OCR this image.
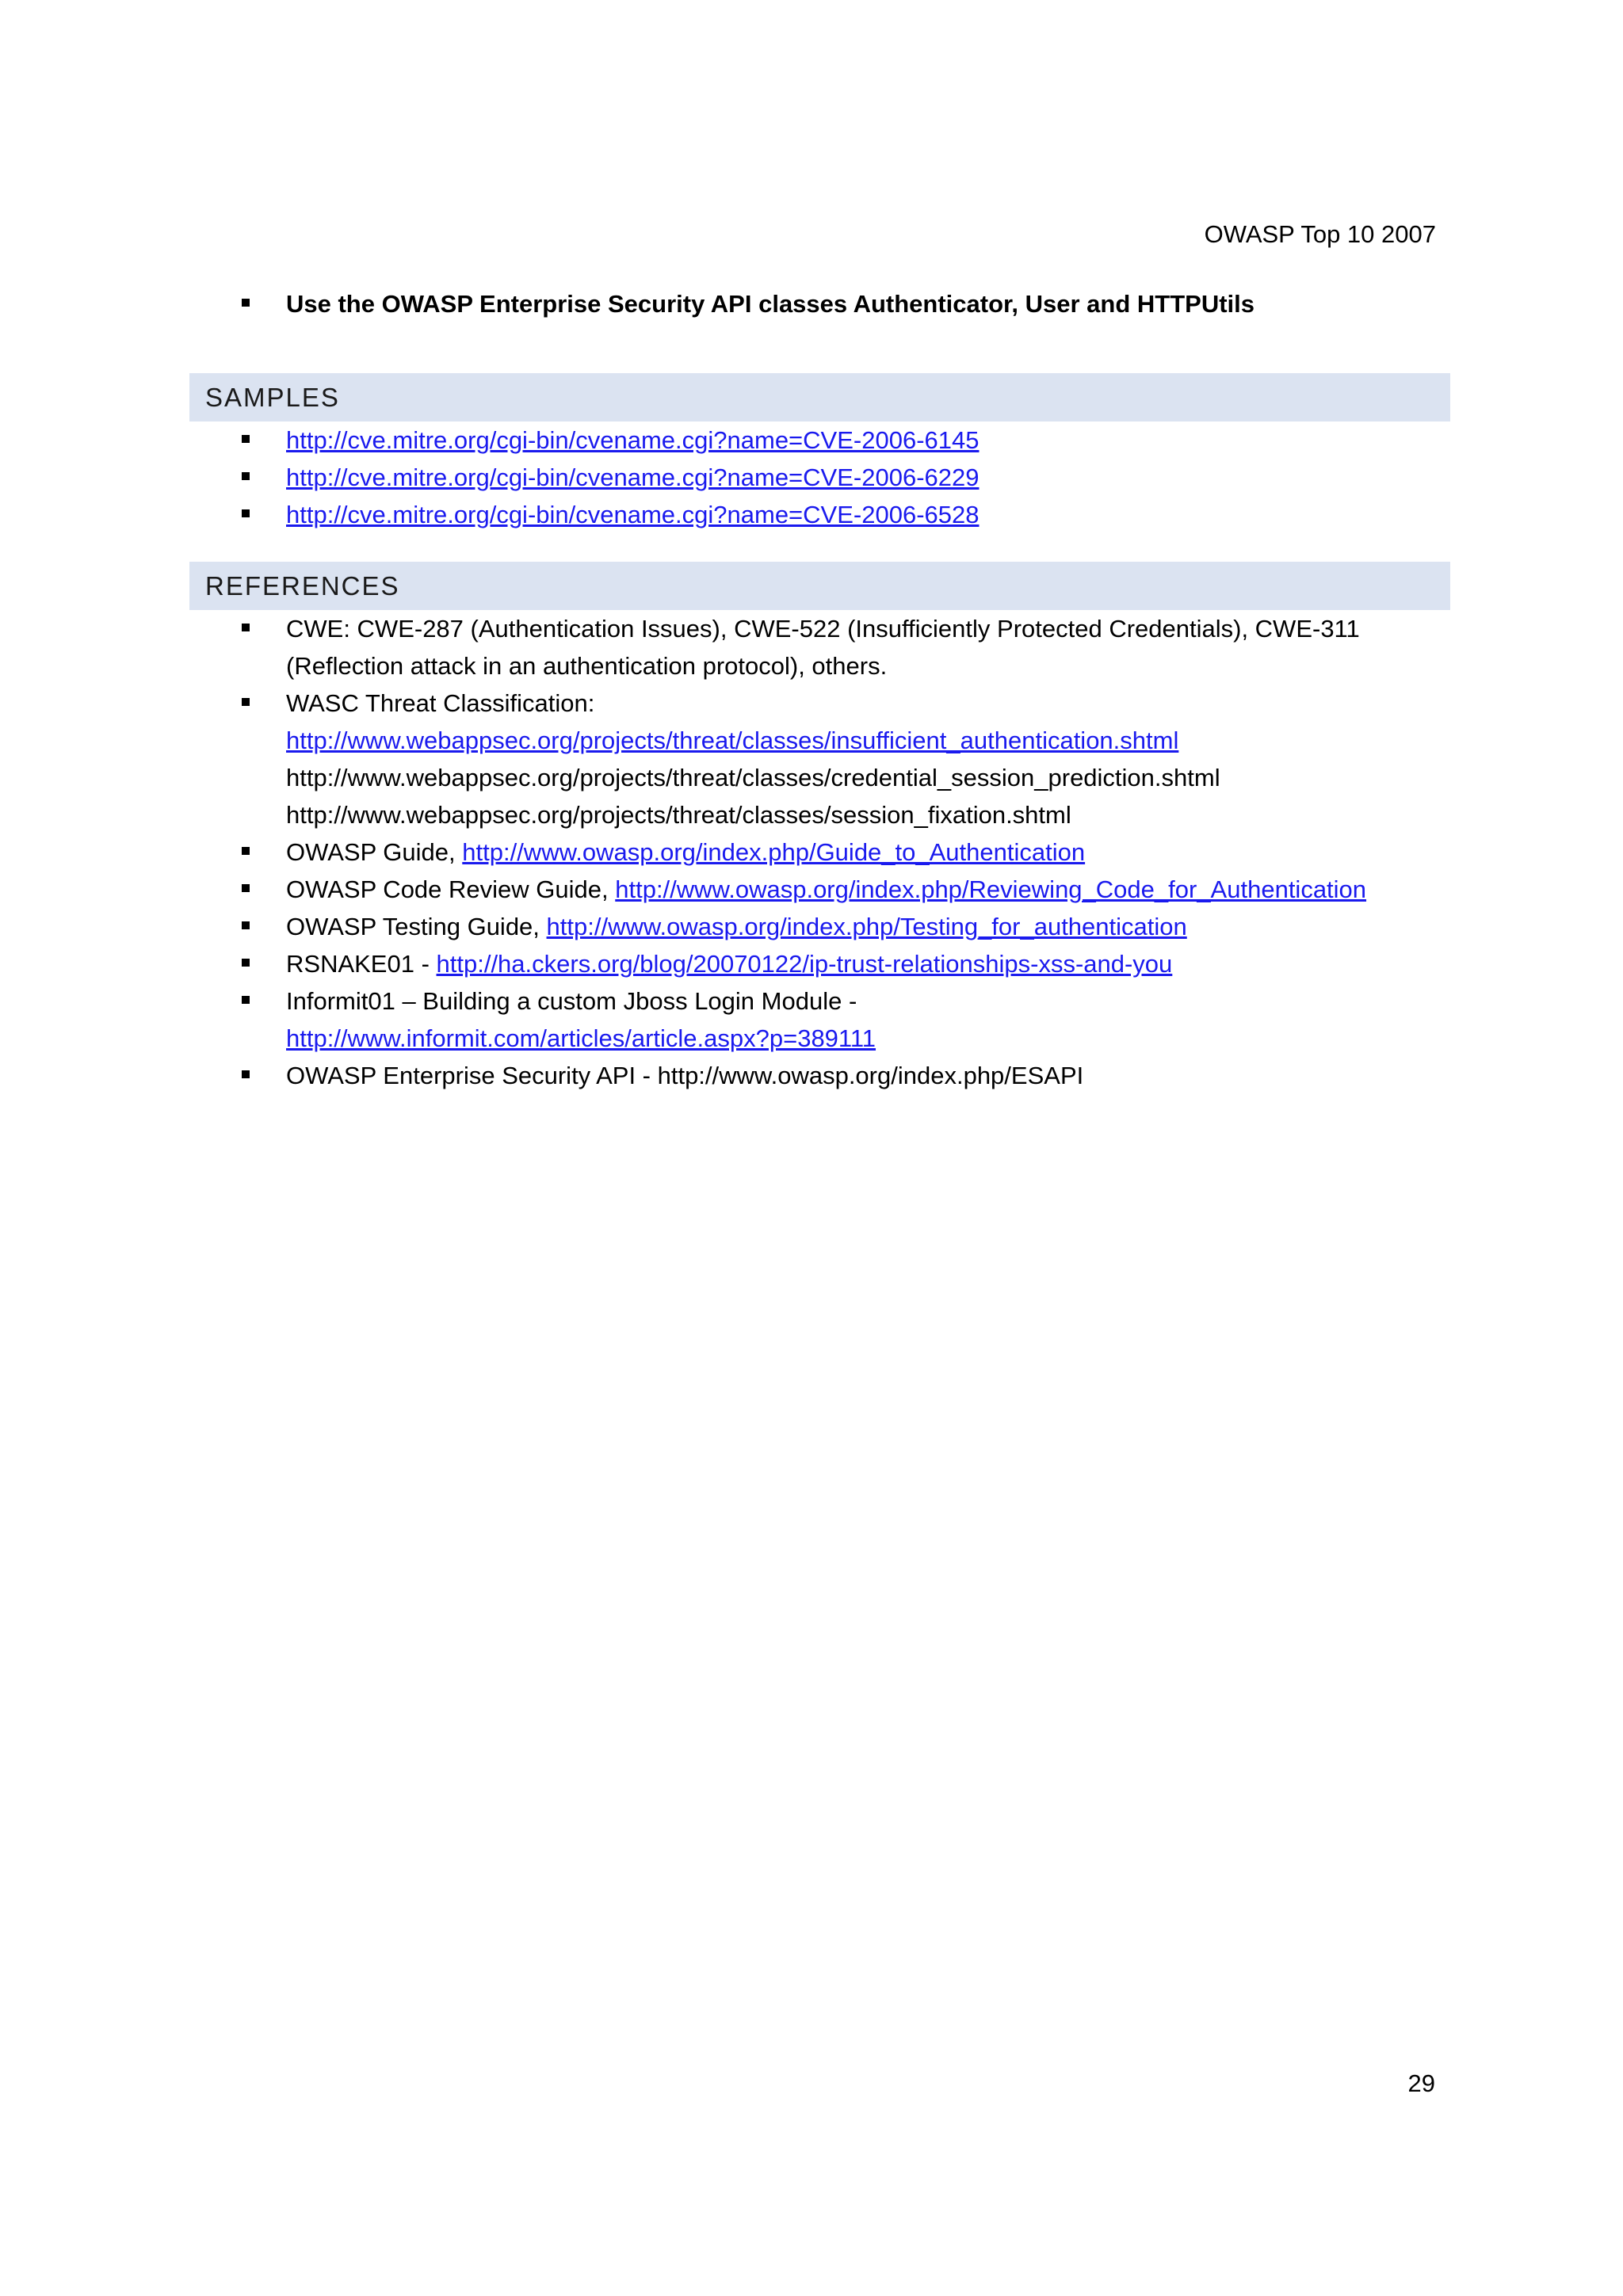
OWASP Top 10 2007
Use the OWASP Enterprise Security API classes Authenticator, User and HTTPUtils
SAMPLES
http://cve.mitre.org/cgi-bin/cvename.cgi?name=CVE-2006-6145
http://cve.mitre.org/cgi-bin/cvename.cgi?name=CVE-2006-6229
http://cve.mitre.org/cgi-bin/cvename.cgi?name=CVE-2006-6528
REFERENCES
CWE: CWE-287 (Authentication Issues), CWE-522 (Insufficiently Protected Credentials), CWE-311
(Reflection attack in an authentication protocol), others.
WASC Threat Classification:
http://www.webappsec.org/projects/threat/classes/insufficient_authentication.shtml
http://www.webappsec.org/projects/threat/classes/credential_session_prediction.shtml
http://www.webappsec.org/projects/threat/classes/session_fixation.shtml
OWASP Guide, http://www.owasp.org/index.php/Guide_to_Authentication
OWASP Code Review Guide, http://www.owasp.org/index.php/Reviewing_Code_for_Authentication
OWASP Testing Guide, http://www.owasp.org/index.php/Testing_for_authentication
RSNAKE01 - http://ha.ckers.org/blog/20070122/ip-trust-relationships-xss-and-you
Informit01 – Building a custom Jboss Login Module -
http://www.informit.com/articles/article.aspx?p=389111
OWASP Enterprise Security API - http://www.owasp.org/index.php/ESAPI
29
